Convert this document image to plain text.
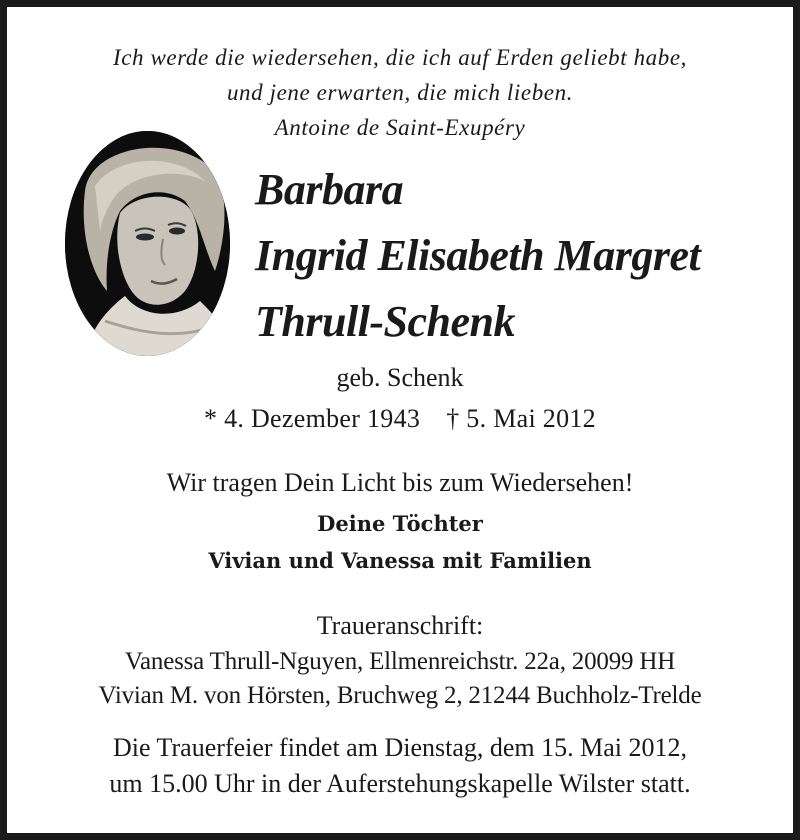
Ich werde die wiedersehen, die ich auf Erden geliebt habe,
und jene erwarten, die mich lieben.
Antoine de Saint-Exupéry
Barbara
Ingrid Elisabeth Margret
Thrull-Schenk
geb. Schenk
* 4. Dezember 1943 † 5. Mai 2012
Wir tragen Dein Licht bis zum Wiedersehen!
Deine Töchter
Vivian und Vanessa mit Familien
Traueranschrift:
Vanessa Thrull-Nguyen, Ellmenreichstr. 22a, 20099 HH
Vivian M. von Hörsten, Bruchweg 2, 21244 Buchholz-Trelde
Die Trauerfeier findet am Dienstag, dem 15. Mai 2012,
um 15.00 Uhr in der Auferstehungskapelle Wilster statt.
